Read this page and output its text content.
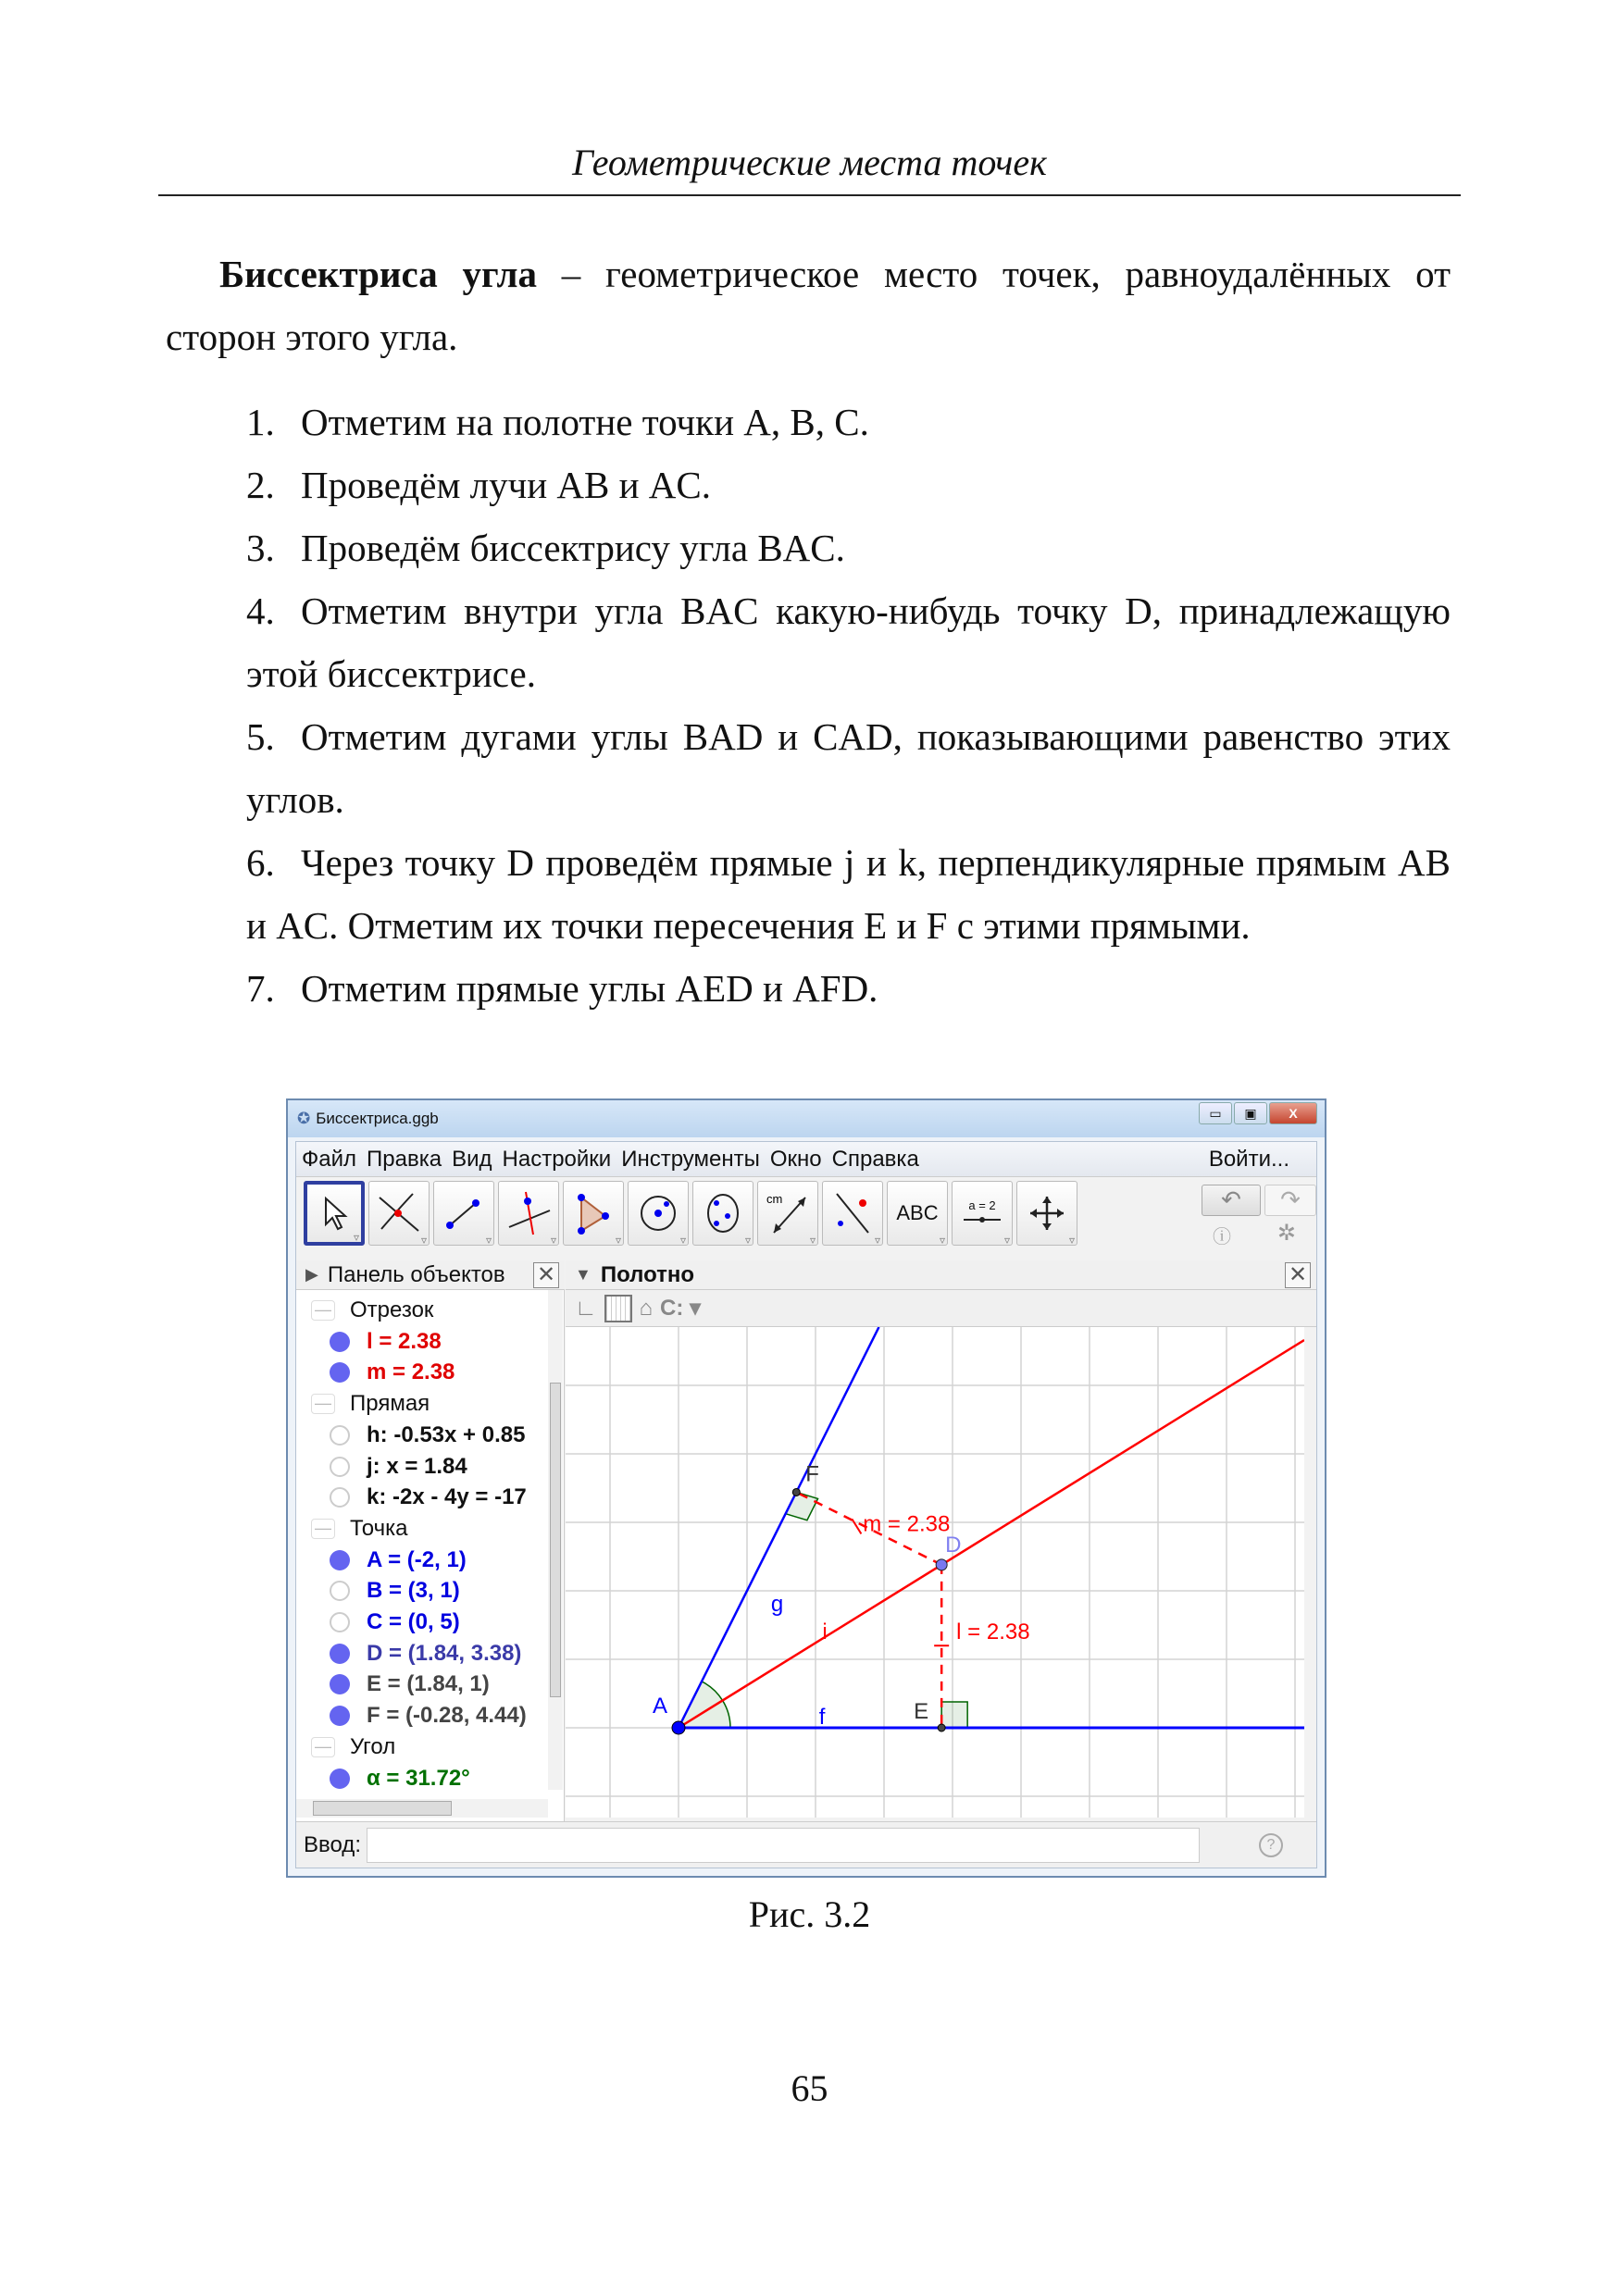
Геометрические места точек

Биссектриса угла – геометрическое место точек, равноудалённых от сторон этого угла.

1. Отметим на полотне точки A, B, C.
2. Проведём лучи AB и AC.
3. Проведём биссектрису угла BAC.
4. Отметим внутри угла BAC какую-нибудь точку D, принадлежащую этой биссектрисе.
5. Отметим дугами углы BAD и CAD, показывающими равенство этих углов.
6. Через точку D проведём прямые j и k, перпендикулярные прямым AB и AC. Отметим их точки пересечения E и F с этими прямыми.
7. Отметим прямые углы AED и AFD.
✪ Биссектриса.ggb	▭	▣	X
Файл Правка Вид Настройки Инструменты Окно Справка	Войти...
▿
▿
▿
▿
▿
▿
▿
cm
▿
▿
ABC
▿	a = 2
▿ ▿	↶	↷
ⓘ ✲
▶ Панель объектов ✕ ▼ Полотно	✕
— Отрезок
l = 2.38
m = 2.38
— Прямая
h: -0.53x + 0.85
j: x = 1.84
k: -2x - 4y = -17
— Точка
A = (-2, 1)
B = (3, 1)
C = (0, 5)
D = (1.84, 3.38)
E = (1.84, 1)
F = (-0.28, 4.44)
— Угол
α = 31.72°
∟ ⌂ C: ▾
A
D
E
F
f
g
i	l = 2.38
m = 2.38
Ввод:	?
Рис. 3.2
65
